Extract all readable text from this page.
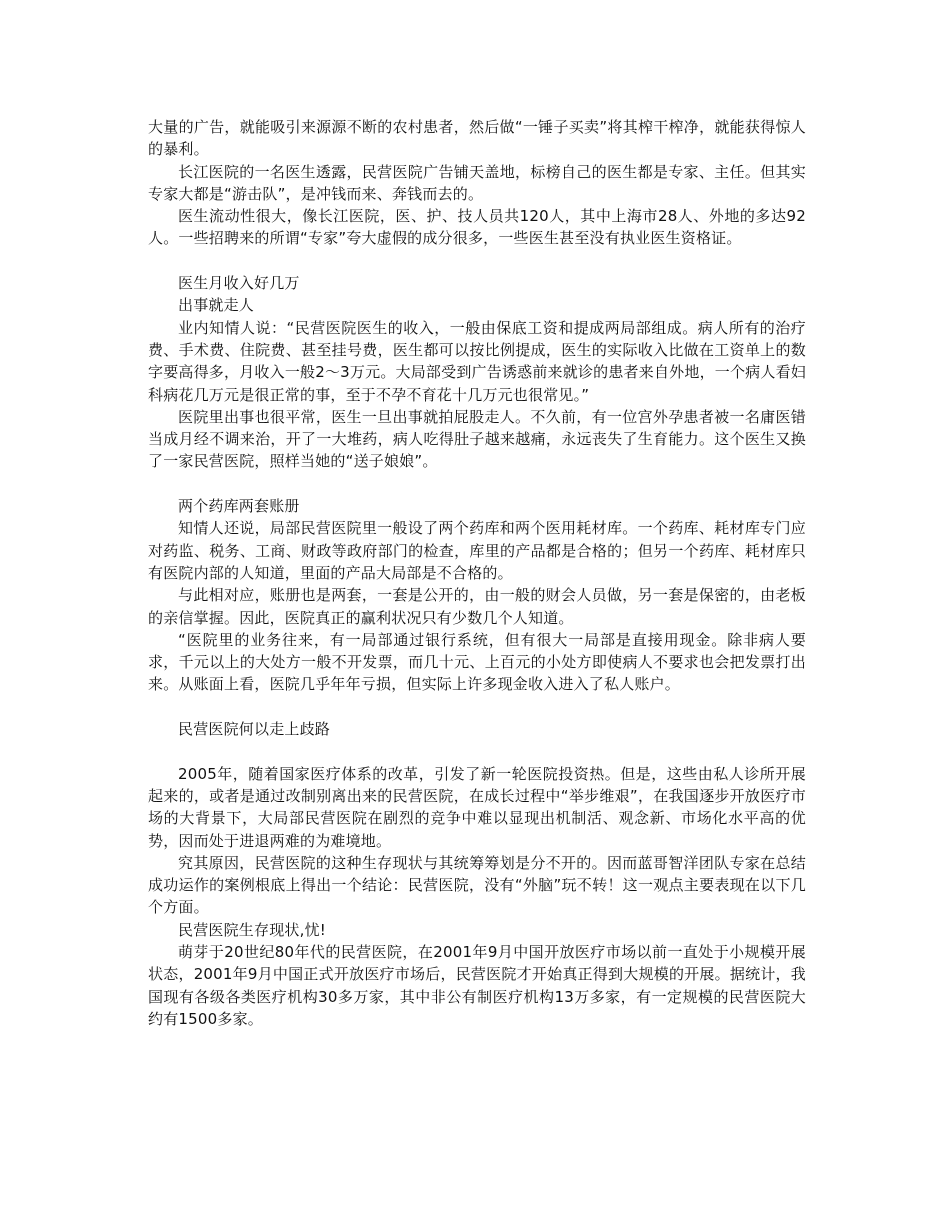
大量的广告，就能吸引来源源不断的农村患者，然后做“一锤子买卖”将其榨干榨净，就能获得惊人的暴利。

长江医院的一名医生透露，民营医院广告铺天盖地，标榜自己的医生都是专家、主任。但其实专家大都是“游击队”，是冲钱而来、奔钱而去的。

医生流动性很大，像长江医院，医、护、技人员共120人，其中上海市28人、外地的多达92人。一些招聘来的所谓“专家”夸大虚假的成分很多，一些医生甚至没有执业医生资格证。

医生月收入好几万

出事就走人

业内知情人说：“民营医院医生的收入，一般由保底工资和提成两局部组成。病人所有的治疗费、手术费、住院费、甚至挂号费，医生都可以按比例提成，医生的实际收入比做在工资单上的数字要高得多，月收入一般2～3万元。大局部受到广告诱惑前来就诊的患者来自外地，一个病人看妇科病花几万元是很正常的事，至于不孕不育花十几万元也很常见。”

医院里出事也很平常，医生一旦出事就拍屁股走人。不久前，有一位宫外孕患者被一名庸医错当成月经不调来治，开了一大堆药，病人吃得肚子越来越痛，永远丧失了生育能力。这个医生又换了一家民营医院，照样当她的“送子娘娘”。

两个药库两套账册

知情人还说，局部民营医院里一般设了两个药库和两个医用耗材库。一个药库、耗材库专门应对药监、税务、工商、财政等政府部门的检查，库里的产品都是合格的；但另一个药库、耗材库只有医院内部的人知道，里面的产品大局部是不合格的。

与此相对应，账册也是两套，一套是公开的，由一般的财会人员做，另一套是保密的，由老板的亲信掌握。因此，医院真正的赢利状况只有少数几个人知道。

“医院里的业务往来，有一局部通过银行系统，但有很大一局部是直接用现金。除非病人要求，千元以上的大处方一般不开发票，而几十元、上百元的小处方即使病人不要求也会把发票打出来。从账面上看，医院几乎年年亏损，但实际上许多现金收入进入了私人账户。

民营医院何以走上歧路

2005年，随着国家医疗体系的改革，引发了新一轮医院投资热。但是，这些由私人诊所开展起来的，或者是通过改制别离出来的民营医院，在成长过程中“举步维艰”，在我国逐步开放医疗市场的大背景下，大局部民营医院在剧烈的竞争中难以显现出机制活、观念新、市场化水平高的优势，因而处于进退两难的为难境地。

究其原因，民营医院的这种生存现状与其统筹筹划是分不开的。因而蓝哥智洋团队专家在总结成功运作的案例根底上得出一个结论：民营医院，没有“外脑”玩不转！这一观点主要表现在以下几个方面。

民营医院生存现状,忧!

萌芽于20世纪80年代的民营医院，在2001年9月中国开放医疗市场以前一直处于小规模开展状态，2001年9月中国正式开放医疗市场后，民营医院才开始真正得到大规模的开展。据统计，我国现有各级各类医疗机构30多万家，其中非公有制医疗机构13万多家，有一定规模的民营医院大约有1500多家。
